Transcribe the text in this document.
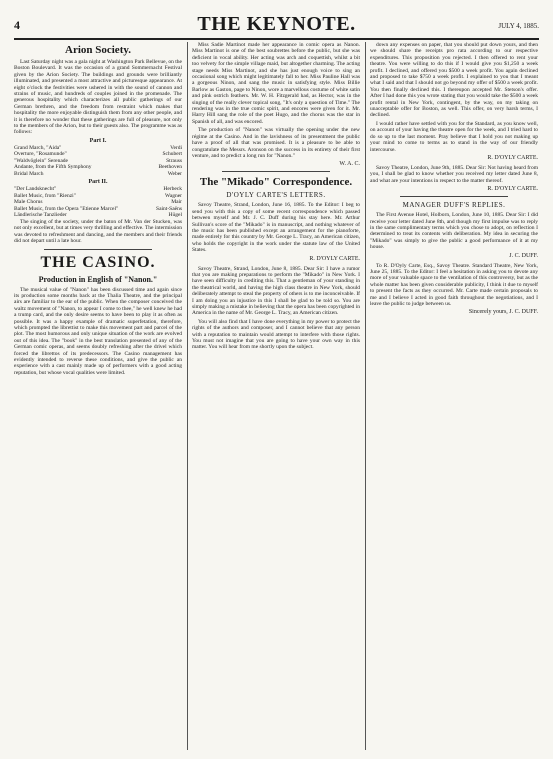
4	THE KEYNOTE.	JULY 4, 1885.
Arion Society.

Last Saturday night was a gala night at Washington Park Bellevue, on the Boston Boulevard. It was the occasion of a grand Sommernacht Festival given by the Arion Society. The buildings and grounds were brilliantly illuminated, and presented a most attractive and picturesque appearance. At eight o'clock the festivities were ushered in with the sound of cannon and strains of music, and hundreds of couples joined in the promenade. The generous hospitality which characterizes all public gatherings of our German brethren, and the freedom from restraint which makes that hospitality the more enjoyable distinguish them from any other people, and it is therefore no wonder that these gatherings are full of pleasure, not only to the members of the Arion, but to their guests also. The programme was as follows:

Part I.
Grand March, "Aida"	Verdi
Overture, "Rosamunde"	Schubert
"Waldvöglein" Serenade	Strauss
Andante, from the Fifth Symphony	Beethoven
Bridal March	Weber
Part II.
"Der Landsknecht"	Herbeck
Ballet Music, from "Rienzi"	Wagner
Male Chorus	Mair
Ballet Music, from the Opera "Etienne Marcel"	Saint-Saëns
Ländlerische Tanzlieder	Hügel

The singing of the society, under the baton of Mr. Van der Stucken, was not only excellent, but at times very thrilling and effective. The intermission was devoted to refreshment and dancing, and the members and their friends did not depart until a late hour.

THE CASINO.
Production in English of "Nanon."

The musical value of "Nanon" has been discussed time and again since its production some months back at the Thalia Theatre, and the principal airs are familiar to the ear of the public. When the composer conceived the waltz movement of "Nanon, to appear I come to thee," he well knew he had a trump card, and the only desire seems to have been to play it as often as possible. It was a happy example of dramatic superfetation, therefore, which prompted the librettist to make this movement part and parcel of the plot. The most humorous and only unique situation of the work are evolved out of this idea. The "book" in the best translation presented of any of the German comic operas, and seems doubly refreshing after the drivel which forced the librettos of its predecessors. The Casino management has evidently intended to reverse these conditions, and give the public an experience with a cast mainly made up of performers with a good acting reputation, but whose vocal qualities were limited.

Miss Sadie Martinot made her appearance in comic opera as Nanon. Miss Martinot is one of the best soubrettes before the public, but she was deficient in vocal ability. Her acting was arch and coquettish, whilst a bit too velvety for the simple village maid, but altogether charming. The acting stage needs Miss Martinot, and she has just enough voice to sing an occasional song which might legitimately fall to her. Miss Pauline Hall was a gorgeous Ninon, and sang the music in satisfying style. Miss Billie Barlow as Gaston, page to Ninon, wore a marvellous costume of white satin and pink ostrich feathers. Mr. W. H. Fitzgerald had, as Hector, was in the singing of the really clever topical song, "It's only a question of Time." The rendering was in the true comic spirit, and encores were given for it. Mr. Harry Hill sang the role of the poet Hugo, and the chorus was the star in Spanish of all, and was encored.

The production of "Nanon" was virtually the opening under the new régime at the Casino. And in the lavishness of its presentment the public have a proof of all that was promised. It is a pleasure to be able to congratulate the Messrs. Aronson on the success in its entirety of their first venture, and to predict a long run for "Nanon."

W. A. C.
The "Mikado" Correspondence.
D'OYLY CARTE'S LETTERS.

Savoy Theatre, Strand, London, June 16, 1885. To the Editor: I beg to send you with this a copy of some recent correspondence which passed between myself and Mr. J. C. Duff during his stay here. Mr. Arthur Sullivan's score of the "Mikado" is in manuscript, and nothing whatever of the music has been published except an arrangement for the pianoforte, made entirely for this country by Mr. George L. Tracy, an American citizen, who holds the copyright in the work under the statute law of the United States.

R. D'OYLY CARTE.

Savoy Theatre, Strand, London, June 8, 1885. Dear Sir: I have a rumor that you are making preparations to perform the "Mikado" in New York. I have seen difficulty in crediting this. That a gentleman of your standing in the theatrical world, and having the high class theatre in New York, should deliberately attempt to steal the property of others is to me inconceivable. If I am doing you an injustice in this I shall be glad to be told so. You are simply making a mistake in believing that the opera has been copyrighted in America in the name of Mr. George L. Tracy, an American citizen.

You will also find that I have done everything in my power to protect the rights of the authors and composer, and I cannot believe that any person with a reputation to maintain would attempt to interfere with those rights. You must not imagine that you are going to have your own way in this matter. You will hear from me shortly upon the subject.

down any expenses on paper, that you should put down yours, and then we should share the receipts pro rata according to our respective expenditures. This proposition you rejected. I then offered to rent your theatre. You were willing to do this if I would give you $1,250 a week profit. I declined, and offered you $500 a week profit. You again declined and proposed to take $750 a week profit. I explained to you that I meant what I said and that I should not go beyond my offer of $500 a week profit. You then finally declined this. I thereupon accepted Mr. Stetson's offer. After I had done this you wrote stating that you would take the $500 a week profit rental in New York, contingent, by the way, on my taking on unacceptable offer for Boston, as well. This offer, on very harsh terms, I declined.

I would rather have settled with you for the Standard, as you know well, on account of your having the theatre open for the week, and I tried hard to do so up to the last moment. Pray believe that I hold you not making up your mind to come to terms as to stand in the way of our friendly intercourse.

R. D'OYLY CARTE.

Savoy Theatre, London, June 9th, 1885. Dear Sir: Not having heard from you, I shall be glad to know whether you received my letter dated June 8, and what are your intentions in respect to the matter thereof.

R. D'OYLY CARTE.
MANAGER DUFF'S REPLIES.

The First Avenue Hotel, Holborn, London, June 10, 1885. Dear Sir: I did receive your letter dated June 8th, and though my first impulse was to reply in the same complimentary terms which you chose to adopt, on reflection I determined to treat its contents with deliberation. My idea in securing the "Mikado" was simply to give the public a good performance of it at my house.

J. C. DUFF.

To R. D'Oyly Carte, Esq., Savoy Theatre. Standard Theatre, New York, June 25, 1885. To the Editor: I feel a hesitation in asking you to devote any more of your valuable space to the ventilation of this controversy, but as the whole matter has been given considerable publicity, I think it due to myself to present the facts as they occurred. Mr. Carte made certain proposals to me and I believe I acted in good faith throughout the negotiations, and I leave the public to judge between us.

Sincerely yours, J. C. DUFF.
